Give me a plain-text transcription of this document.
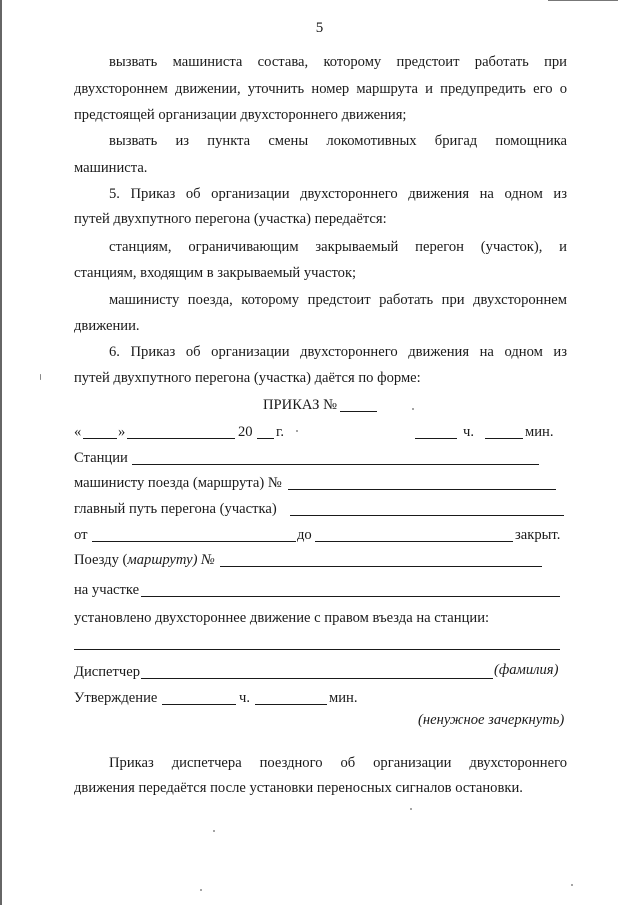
5
вызвать машиниста состава, которому предстоит работать при
двухстороннем движении, уточнить номер маршрута и предупредить его о
предстоящей организации двухстороннего движения;
вызвать из пункта смены локомотивных бригад помощника
машиниста.
5. Приказ об организации двухстороннего движения на одном из
путей двухпутного перегона (участка) передаётся:
станциям, ограничивающим закрываемый перегон (участок), и
станциям, входящим в закрываемый участок;
машинисту поезда, которому предстоит работать при двухстороннем
движении.
6. Приказ об организации двухстороннего движения на одном из
путей двухпутного перегона (участка) даётся по форме:
ПРИКАЗ №
«	»	20 г.	ч.	мин.
Станции
машинисту поезда (маршрута) №
главный путь перегона (участка)
от	до	закрыт.
Поезду (маршруту) №
на участке
установлено двухстороннее движение с правом въезда на станции:
Диспетчер	(фамилия)
Утверждение	ч.	мин.
(ненужное зачеркнуть)
Приказ диспетчера поездного об организации двухстороннего
движения передаётся после установки переносных сигналов остановки.
